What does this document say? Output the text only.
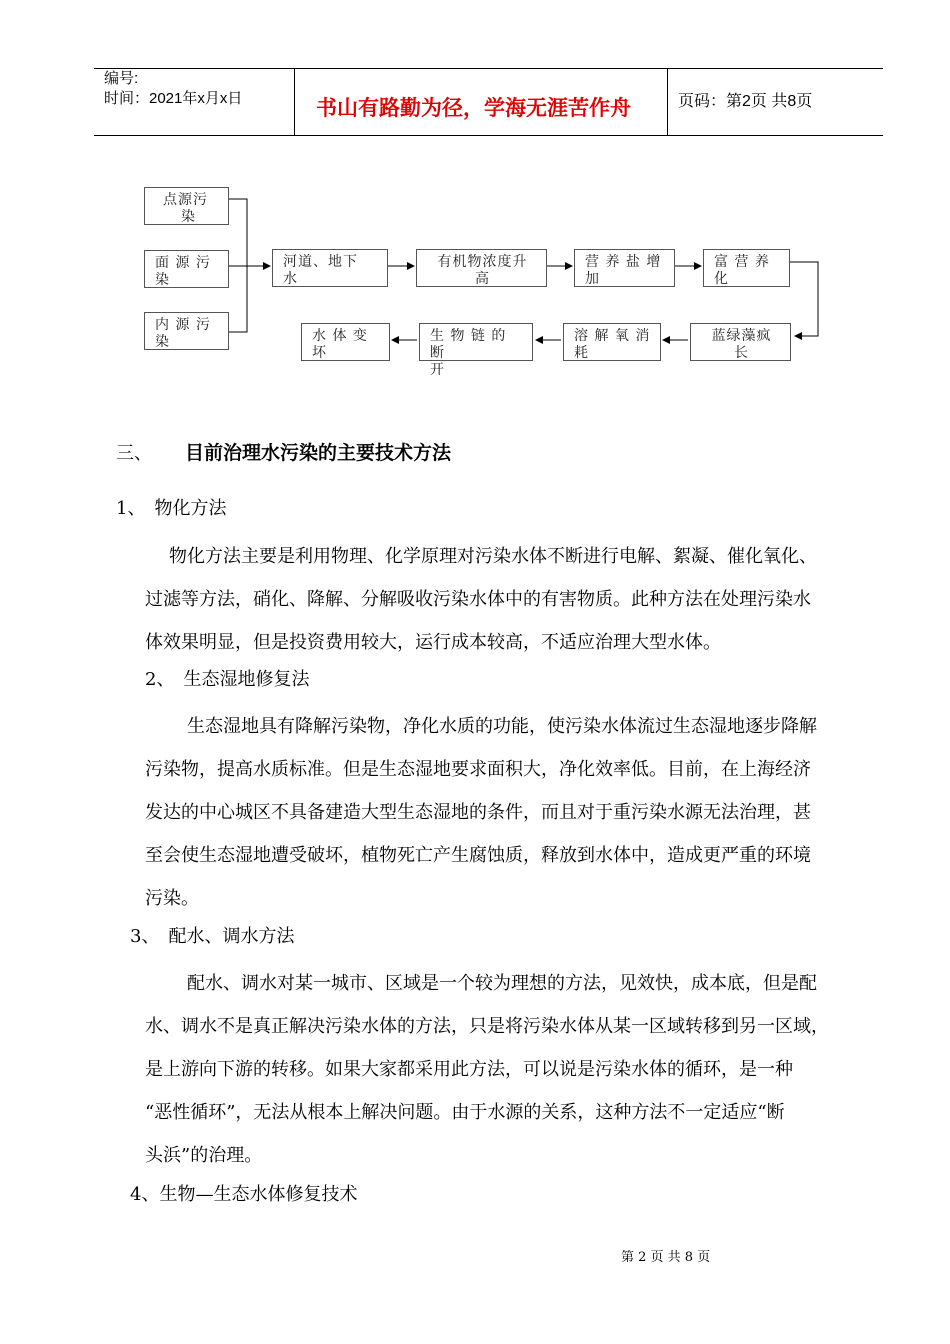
编号:
时间：2021年x月x日	书山有路勤为径，学海无涯苦作舟	页码：第2页 共8页
点源污
染
面 源 污
染
内 源 污
染
河道、地下
水
有机物浓度升
高
营 养 盐 增
加
富 营 养
化
水 体 变
坏
生 物 链 的 断
开
溶 解 氧 消
耗
蓝绿藻疯
长
三、 目前治理水污染的主要技术方法
1、　物化方法

物化方法主要是利用物理、化学原理对污染水体不断进行电解、絮凝、催化氧化、

过滤等方法，硝化、降解、分解吸收污染水体中的有害物质。此种方法在处理污染水

体效果明显，但是投资费用较大，运行成本较高，不适应治理大型水体。

2、　生态湿地修复法

生态湿地具有降解污染物，净化水质的功能，使污染水体流过生态湿地逐步降解

污染物，提高水质标准。但是生态湿地要求面积大，净化效率低。目前，在上海经济

发达的中心城区不具备建造大型生态湿地的条件，而且对于重污染水源无法治理，甚

至会使生态湿地遭受破坏，植物死亡产生腐蚀质，释放到水体中，造成更严重的环境

污染。

3、　配水、调水方法

配水、调水对某一城市、区域是一个较为理想的方法，见效快，成本底，但是配

水、调水不是真正解决污染水体的方法，只是将污染水体从某一区域转移到另一区域，

是上游向下游的转移。如果大家都采用此方法，可以说是污染水体的循环，是一种

“恶性循环”，无法从根本上解决问题。由于水源的关系，这种方法不一定适应“断

头浜”的治理。

4、生物—生态水体修复技术
第 2 页 共 8 页
